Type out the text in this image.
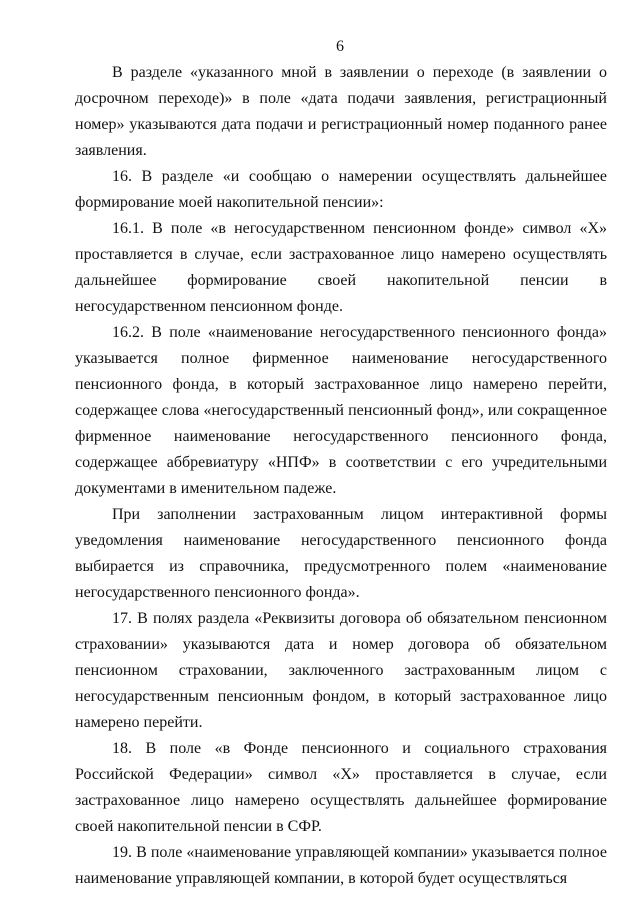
6

В разделе «указанного мной в заявлении о переходе (в заявлении о досрочном переходе)» в поле «дата подачи заявления, регистрационный номер» указываются дата подачи и регистрационный номер поданного ранее заявления.

16. В разделе «и сообщаю о намерении осуществлять дальнейшее формирование моей накопительной пенсии»:

16.1. В поле «в негосударственном пенсионном фонде» символ «Х» проставляется в случае, если застрахованное лицо намерено осуществлять дальнейшее формирование своей накопительной пенсии в негосударственном пенсионном фонде.

16.2. В поле «наименование негосударственного пенсионного фонда» указывается полное фирменное наименование негосударственного пенсионного фонда, в который застрахованное лицо намерено перейти, содержащее слова «негосударственный пенсионный фонд», или сокращенное фирменное наименование негосударственного пенсионного фонда, содержащее аббревиатуру «НПФ» в соответствии с его учредительными документами в именительном падеже.

При заполнении застрахованным лицом интерактивной формы уведомления наименование негосударственного пенсионного фонда выбирается из справочника, предусмотренного полем «наименование негосударственного пенсионного фонда».

17. В полях раздела «Реквизиты договора об обязательном пенсионном страховании» указываются дата и номер договора об обязательном пенсионном страховании, заключенного застрахованным лицом с негосударственным пенсионным фондом, в который застрахованное лицо намерено перейти.

18. В поле «в Фонде пенсионного и социального страхования Российской Федерации» символ «Х» проставляется в случае, если застрахованное лицо намерено осуществлять дальнейшее формирование своей накопительной пенсии в СФР.

19. В поле «наименование управляющей компании» указывается полное наименование управляющей компании, в которой будет осуществляться
